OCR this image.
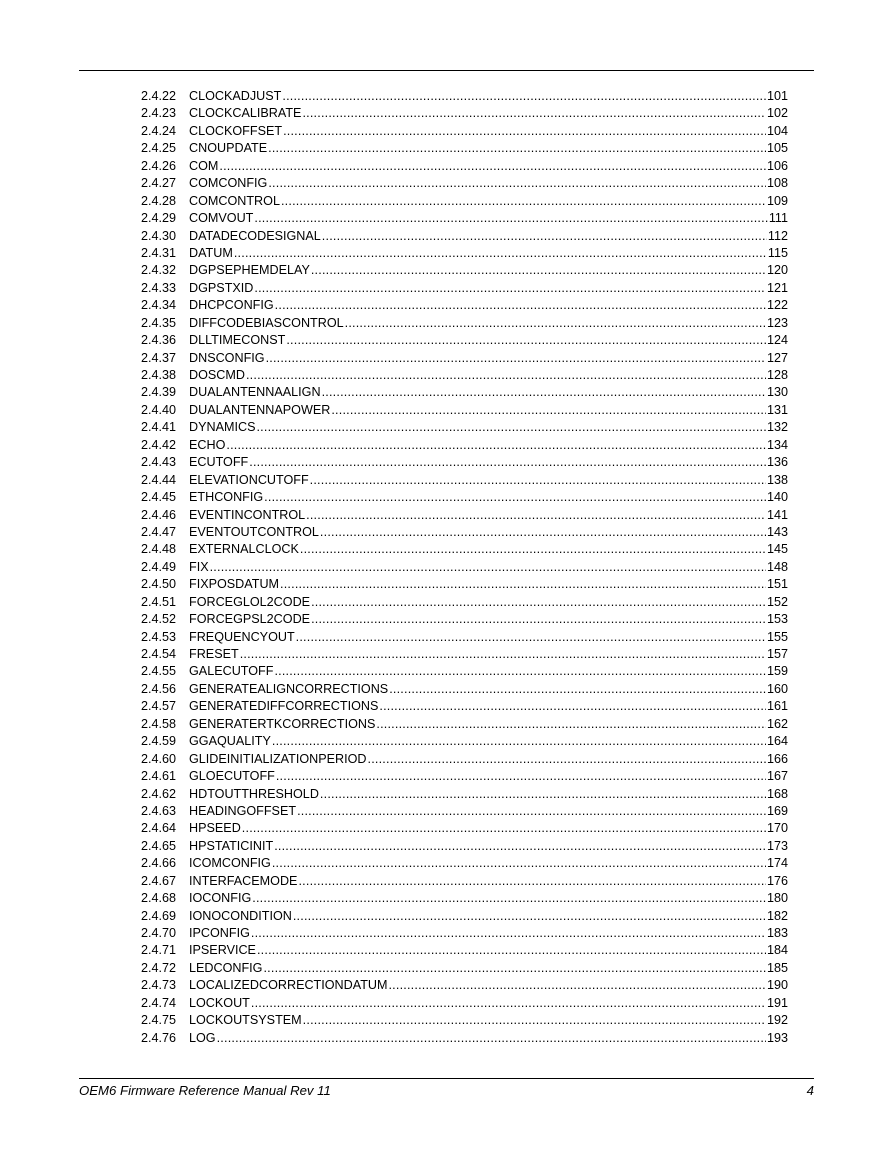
2.4.22	CLOCKADJUST .....	101
2.4.23	CLOCKCALIBRATE .....	102
2.4.24	CLOCKOFFSET .....	104
2.4.25	CNOUPDATE .....	105
2.4.26	COM .....	106
2.4.27	COMCONFIG .....	108
2.4.28	COMCONTROL .....	109
2.4.29	COMVOUT .....	111
2.4.30	DATADECODESIGNAL .....	112
2.4.31	DATUM .....	115
2.4.32	DGPSEPHEMDELAY .....	120
2.4.33	DGPSTXID .....	121
2.4.34	DHCPCONFIG .....	122
2.4.35	DIFFCODEBIASCONTROL .....	123
2.4.36	DLLTIMECONST .....	124
2.4.37	DNSCONFIG .....	127
2.4.38	DOSCMD .....	128
2.4.39	DUALANTENNAALIGN .....	130
2.4.40	DUALANTENNAPOWER .....	131
2.4.41	DYNAMICS .....	132
2.4.42	ECHO .....	134
2.4.43	ECUTOFF .....	136
2.4.44	ELEVATIONCUTOFF .....	138
2.4.45	ETHCONFIG .....	140
2.4.46	EVENTINCONTROL .....	141
2.4.47	EVENTOUTCONTROL .....	143
2.4.48	EXTERNALCLOCK .....	145
2.4.49	FIX .....	148
2.4.50	FIXPOSDATUM .....	151
2.4.51	FORCEGLOL2CODE .....	152
2.4.52	FORCEGPSL2CODE .....	153
2.4.53	FREQUENCYOUT .....	155
2.4.54	FRESET .....	157
2.4.55	GALECUTOFF .....	159
2.4.56	GENERATEALIGNCORRECTIONS .....	160
2.4.57	GENERATEDIFFCORRECTIONS .....	161
2.4.58	GENERATERTKCORRECTIONS .....	162
2.4.59	GGAQUALITY .....	164
2.4.60	GLIDEINITIALIZATIONPERIOD .....	166
2.4.61	GLOECUTOFF .....	167
2.4.62	HDTOUTTHRESHOLD .....	168
2.4.63	HEADINGOFFSET .....	169
2.4.64	HPSEED .....	170
2.4.65	HPSTATICINIT .....	173
2.4.66	ICOMCONFIG .....	174
2.4.67	INTERFACEMODE .....	176
2.4.68	IOCONFIG .....	180
2.4.69	IONOCONDITION .....	182
2.4.70	IPCONFIG .....	183
2.4.71	IPSERVICE .....	184
2.4.72	LEDCONFIG .....	185
2.4.73	LOCALIZEDCORRECTIONDATUM .....	190
2.4.74	LOCKOUT .....	191
2.4.75	LOCKOUTSYSTEM .....	192
2.4.76	LOG .....	193
OEM6 Firmware Reference Manual Rev 11	4
